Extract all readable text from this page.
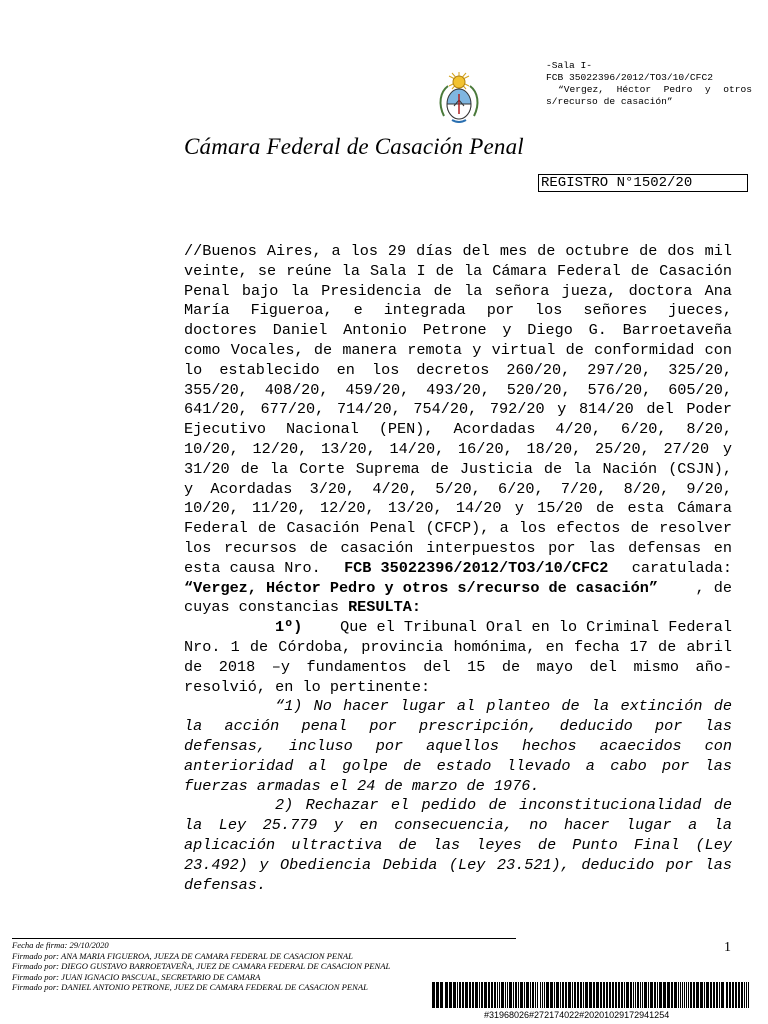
Cámara Federal de Casación Penal
-Sala I-
FCB 35022396/2012/TO3/10/CFC2
“Vergez, Héctor Pedro y otros
s/recurso de casación”
REGISTRO N°1502/20
//Buenos Aires, a los 29 días del mes de octubre de dos mil
veinte, se reúne la Sala I de la Cámara Federal de Casación
Penal bajo la Presidencia de la señora jueza, doctora Ana
María Figueroa, e integrada por los señores jueces,
doctores Daniel Antonio Petrone y Diego G. Barroetaveña
como Vocales, de manera remota y virtual de conformidad con
lo establecido en los decretos 260/20, 297/20, 325/20,
355/20, 408/20, 459/20, 493/20, 520/20, 576/20, 605/20,
641/20, 677/20, 714/20, 754/20, 792/20 y 814/20 del Poder
Ejecutivo Nacional (PEN), Acordadas 4/20, 6/20, 8/20,
10/20, 12/20, 13/20, 14/20, 16/20, 18/20, 25/20, 27/20 y
31/20 de la Corte Suprema de Justicia de la Nación (CSJN),
y Acordadas 3/20, 4/20, 5/20, 6/20, 7/20, 8/20, 9/20,
10/20, 11/20, 12/20, 13/20, 14/20 y 15/20 de esta Cámara
Federal de Casación Penal (CFCP), a los efectos de resolver
los recursos de casación interpuestos por las defensas en
esta causa Nro. FCB 35022396/2012/TO3/10/CFC2 caratulada:
“Vergez, Héctor Pedro y otros s/recurso de casación” , de
cuyas constancias RESULTA:
1º) Que el Tribunal Oral en lo Criminal Federal
Nro. 1 de Córdoba, provincia homónima, en fecha 17 de abril
de 2018 –y fundamentos del 15 de mayo del mismo año-
resolvió, en lo pertinente:
“1) No hacer lugar al planteo de la extinción de
la acción penal por prescripción, deducido por las
defensas, incluso por aquellos hechos acaecidos con
anterioridad al golpe de estado llevado a cabo por las
fuerzas armadas el 24 de marzo de 1976.
2) Rechazar el pedido de inconstitucionalidad de
la Ley 25.779 y en consecuencia, no hacer lugar a la
aplicación ultractiva de las leyes de Punto Final (Ley
23.492) y Obediencia Debida (Ley 23.521), deducido por las
defensas.
Fecha de firma: 29/10/2020
Firmado por: ANA MARIA FIGUEROA, JUEZA DE CAMARA FEDERAL DE CASACION PENAL
Firmado por: DIEGO GUSTAVO BARROETAVEÑA, JUEZ DE CAMARA FEDERAL DE CASACION PENAL
Firmado por: JUAN IGNACIO PASCUAL, SECRETARIO DE CAMARA
Firmado por: DANIEL ANTONIO PETRONE, JUEZ DE CAMARA FEDERAL DE CASACION PENAL
1
#31968026#272174022#20201029172941254
